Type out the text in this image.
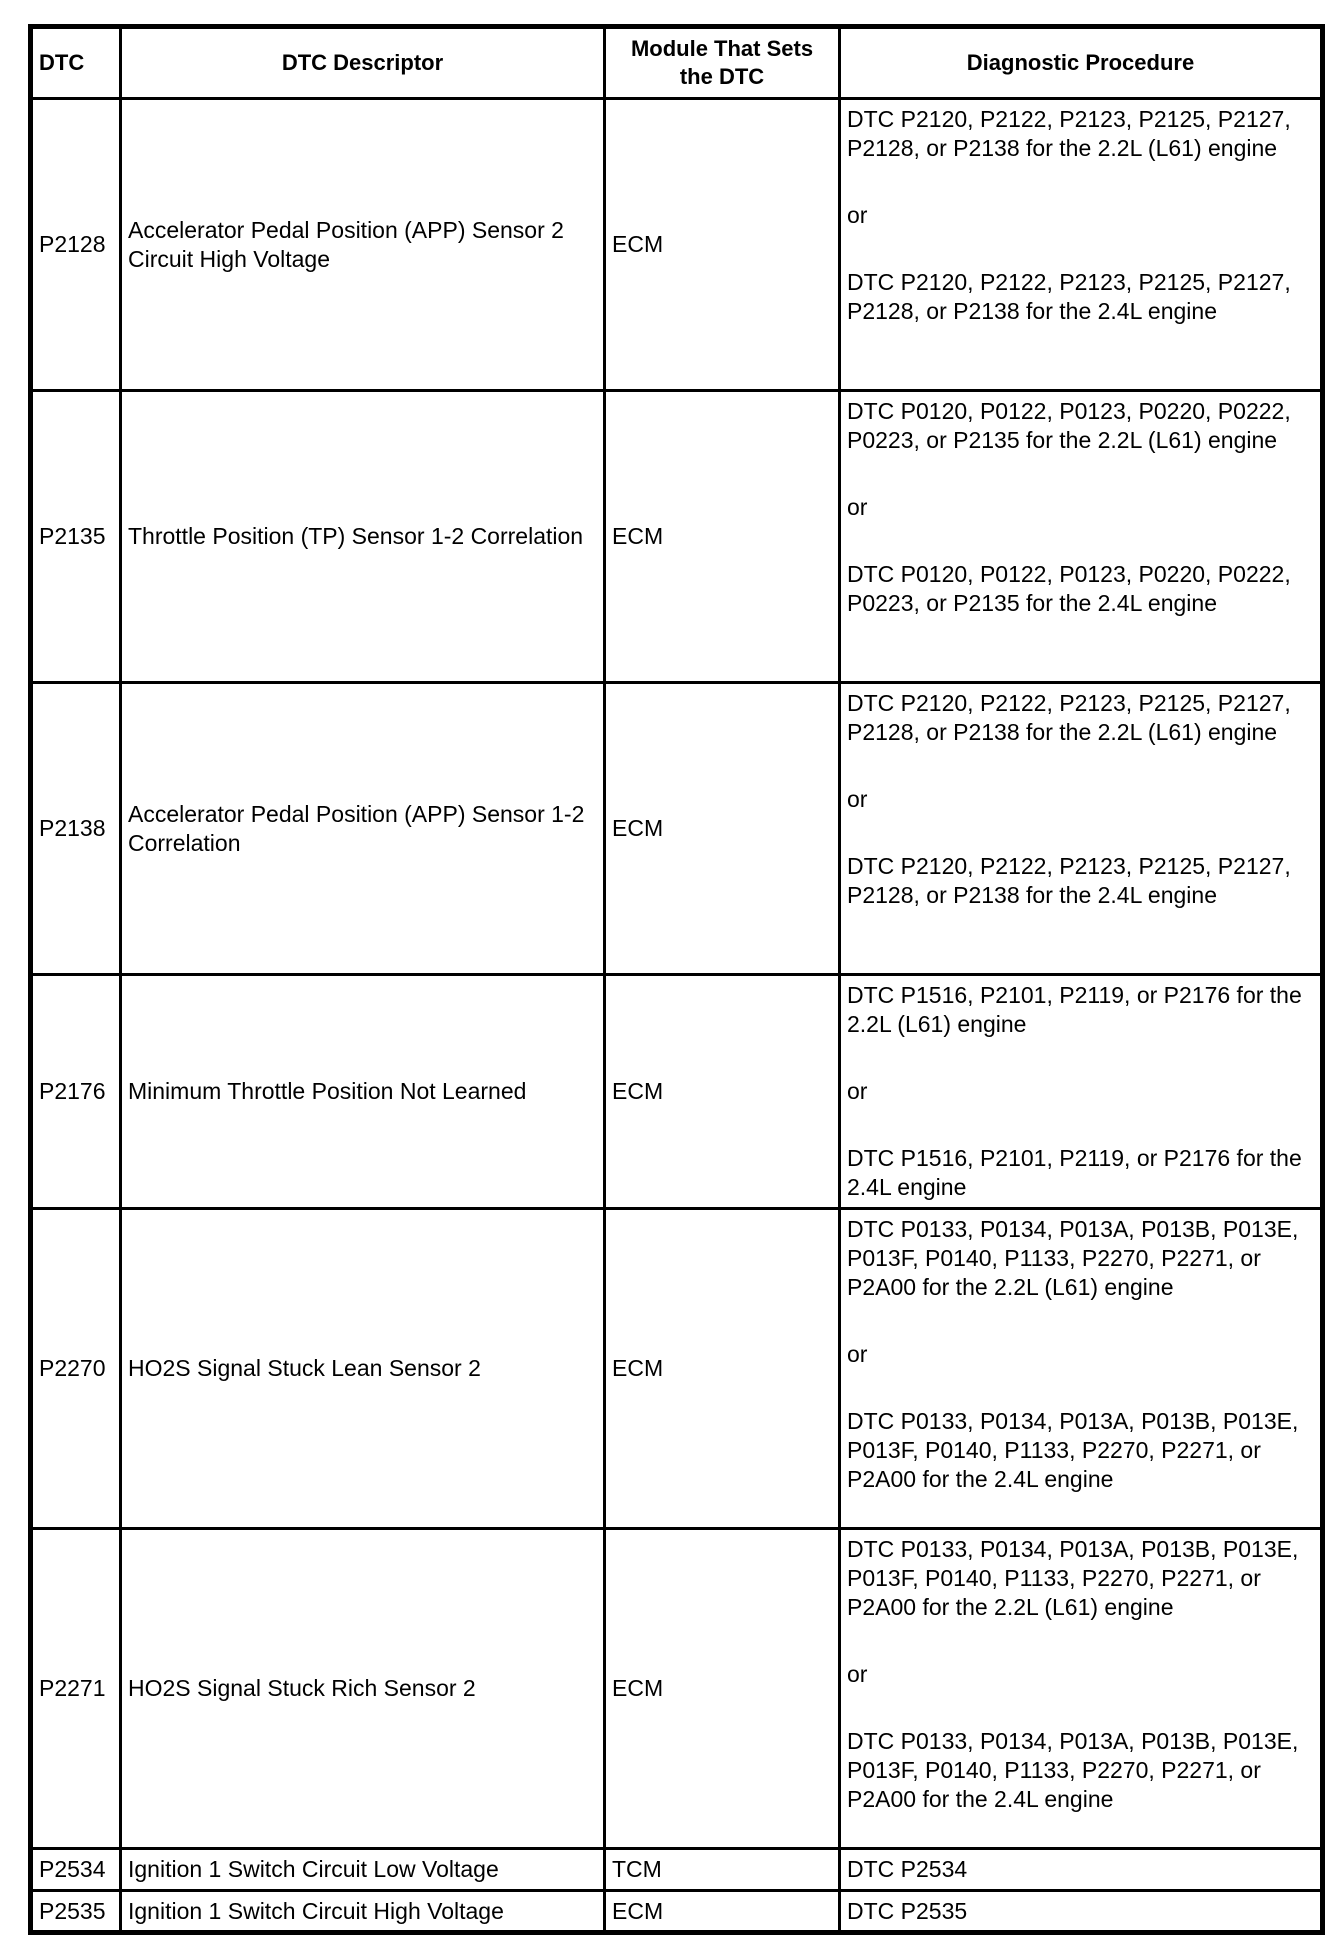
DTC	DTC Descriptor	Module That Sets the DTC	Diagnostic Procedure
P2128	Accelerator Pedal Position (APP) Sensor 2 Circuit High Voltage	ECM	DTC P2120, P2122, P2123, P2125, P2127, P2128, or P2138 for the 2.2L (L61) engine
or
DTC P2120, P2122, P2123, P2125, P2127, P2128, or P2138 for the 2.4L engine

P2135	Throttle Position (TP) Sensor 1-2 Correlation	ECM	DTC P0120, P0122, P0123, P0220, P0222, P0223, or P2135 for the 2.2L (L61) engine
or
DTC P0120, P0122, P0123, P0220, P0222, P0223, or P2135 for the 2.4L engine

P2138	Accelerator Pedal Position (APP) Sensor 1-2 Correlation	ECM	DTC P2120, P2122, P2123, P2125, P2127, P2128, or P2138 for the 2.2L (L61) engine
or
DTC P2120, P2122, P2123, P2125, P2127, P2128, or P2138 for the 2.4L engine

P2176	Minimum Throttle Position Not Learned	ECM	DTC P1516, P2101, P2119, or P2176 for the 2.2L (L61) engine
or
DTC P1516, P2101, P2119, or P2176 for the 2.4L engine

P2270	HO2S Signal Stuck Lean Sensor 2	ECM	DTC P0133, P0134, P013A, P013B, P013E, P013F, P0140, P1133, P2270, P2271, or P2A00 for the 2.2L (L61) engine
or
DTC P0133, P0134, P013A, P013B, P013E, P013F, P0140, P1133, P2270, P2271, or P2A00 for the 2.4L engine

P2271	HO2S Signal Stuck Rich Sensor 2	ECM	DTC P0133, P0134, P013A, P013B, P013E, P013F, P0140, P1133, P2270, P2271, or P2A00 for the 2.2L (L61) engine
or
DTC P0133, P0134, P013A, P013B, P013E, P013F, P0140, P1133, P2270, P2271, or P2A00 for the 2.4L engine

P2534	Ignition 1 Switch Circuit Low Voltage	TCM	DTC P2534
P2535	Ignition 1 Switch Circuit High Voltage	ECM	DTC P2535
